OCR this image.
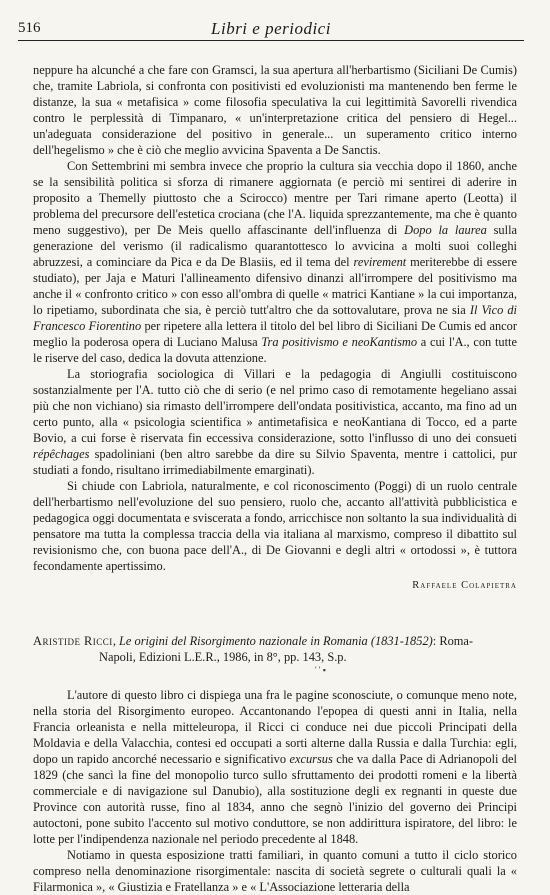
516	Libri e periodici

neppure ha alcunché a che fare con Gramsci, la sua apertura all'herbartismo (Siciliani De Cumis) che, tramite Labriola, si confronta con positivisti ed evoluzionisti ma mantenendo ben ferme le distanze, la sua « metafisica » come filosofia speculativa la cui legittimità Savorelli rivendica contro le perplessità di Timpanaro, « un'interpretazione critica del pensiero di Hegel... un'adeguata considerazione del positivo in generale... un superamento critico interno dell'hegelismo » che è ciò che meglio avvicina Spaventa a De Sanctis.

Con Settembrini mi sembra invece che proprio la cultura sia vecchia dopo il 1860, anche se la sensibilità politica si sforza di rimanere aggiornata (e perciò mi sentirei di aderire in proposito a Themelly piuttosto che a Scirocco) mentre per Tari rimane aperto (Leotta) il problema del precursore dell'estetica crociana (che l'A. liquida sprezzantemente, ma che è quanto meno suggestivo), per De Meis quello affascinante dell'influenza di Dopo la laurea sulla generazione del verismo (il radicalismo quarantottesco lo avvicina a molti suoi colleghi abruzzesi, a cominciare da Pica e da De Blasiis, ed il tema del revirement meriterebbe di essere studiato), per Jaja e Maturi l'allineamento difensivo dinanzi all'irrompere del positivismo ma anche il « confronto critico » con esso all'ombra di quelle « matrici Kantiane » la cui importanza, lo ripetiamo, subordinata che sia, è perciò tutt'altro che da sottovalutare, prova ne sia Il Vico di Francesco Fiorentino per ripetere alla lettera il titolo del bel libro di Siciliani De Cumis ed ancor meglio la poderosa opera di Luciano Malusa Tra positivismo e neoKantismo a cui l'A., con tutte le riserve del caso, dedica la dovuta attenzione.

La storiografia sociologica di Villari e la pedagogia di Angiulli costituiscono sostanzialmente per l'A. tutto ciò che di serio (e nel primo caso di remotamente hegeliano assai più che non vichiano) sia rimasto dell'irrompere dell'ondata positivistica, accanto, ma fino ad un certo punto, alla « psicologia scientifica » antimetafisica e neoKantiana di Tocco, ed a parte Bovio, a cui forse è riservata fin eccessiva considerazione, sotto l'influsso di uno dei consueti répêchages spadoliniani (ben altro sarebbe da dire su Silvio Spaventa, mentre i cattolici, pur studiati a fondo, risultano irrimediabilmente emarginati).

Si chiude con Labriola, naturalmente, e col riconoscimento (Poggi) di un ruolo centrale dell'herbartismo nell'evoluzione del suo pensiero, ruolo che, accanto all'attività pubblicistica e pedagogica oggi documentata e sviscerata a fondo, arricchisce non soltanto la sua individualità di pensatore ma tutta la complessa traccia della via italiana al marxismo, compreso il dibattito sul revisionismo che, con buona pace dell'A., di De Giovanni e degli altri « ortodossi », è tuttora fecondamente apertissimo.

Raffaele Colapietra
Aristide Ricci, Le origini del Risorgimento nazionale in Romania (1831-1852): Roma-
Napoli, Edizioni L.E.R., 1986, in 8°, pp. 143, S.p.
' ' ▪

L'autore di questo libro ci dispiega una fra le pagine sconosciute, o comunque meno note, nella storia del Risorgimento europeo. Accantonando l'epopea di questi anni in Italia, nella Francia orleanista e nella mitteleuropa, il Ricci ci conduce nei due piccoli Principati della Moldavia e della Valacchia, contesi ed occupati a sorti alterne dalla Russia e dalla Turchia: egli, dopo un rapido ancorché necessario e significativo excursus che va dalla Pace di Adrianopoli del 1829 (che sancì la fine del monopolio turco sullo sfruttamento dei prodotti romeni e la libertà commerciale e di navigazione sul Danubio), alla sostituzione degli ex regnanti in queste due Province con autorità russe, fino al 1834, anno che segnò l'inizio del governo dei Principi autoctoni, pone subito l'accento sul motivo conduttore, se non addirittura ispiratore, del libro: le lotte per l'indipendenza nazionale nel periodo precedente al 1848.

Notiamo in questa esposizione tratti familiari, in quanto comuni a tutto il ciclo storico compreso nella denominazione risorgimentale: nascita di società segrete o culturali quali la « Filarmonica », « Giustizia e Fratellanza » e « L'Associazione letteraria della
